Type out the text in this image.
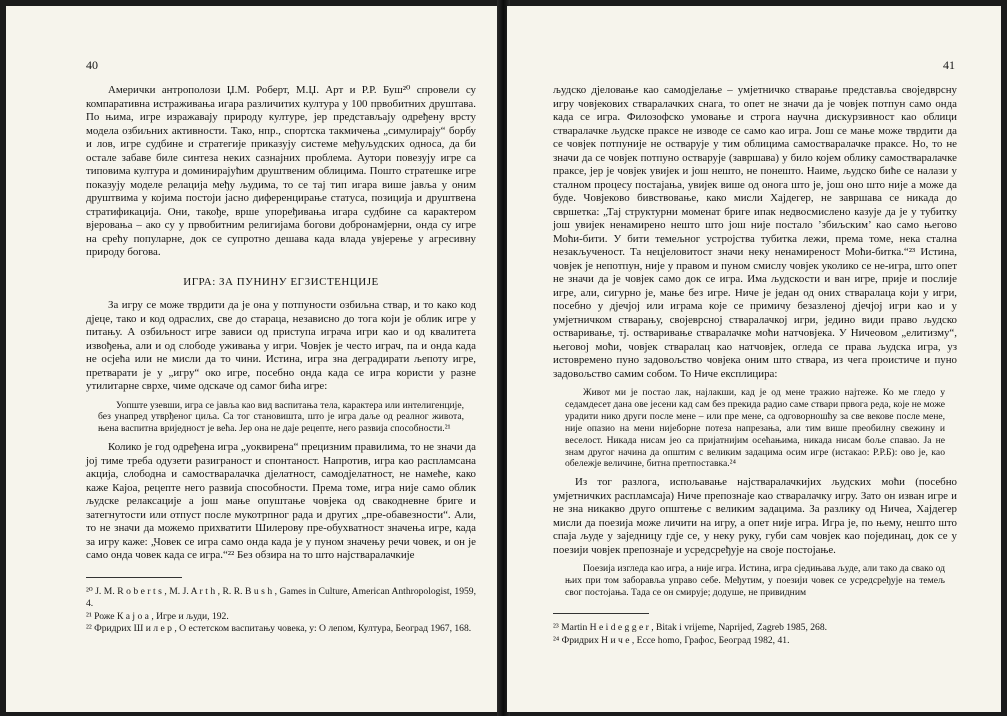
40

Амерички антрополози Џ.М. Роберт, М.Џ. Арт и Р.Р. Буш²⁰ спровели су компаративна истраживања игара различитих култура у 100 првобитних друштава. По њима, игре изражавају природу културе, јер представљају одређену врсту модела озбиљних активности. Тако, нпр., спортска такмичења „симулирају“ борбу и лов, игре судбине и стратегије приказују системе међуљудских односа, да би остале забаве биле синтеза неких сазнајних проблема. Аутори повезују игре са типовима култура и доминирајућим друштвеним облицима. Пошто стратешке игре показују моделе релација међу људима, то се тај тип игара више јавља у оним друштвима у којима постоји јасно диференцирање статуса, позиција и друштвена стратификација. Они, такође, врше упоређивања игара судбине са карактером вјеровања – ако су у првобитним религијама богови добронамјерни, онда су игре на срећу популарне, док се супротно дешава када влада увјерење у агресивну природу богова.

ИГРА: ЗА ПУНИНУ ЕГЗИСТЕНЦИЈЕ

За игру се може тврдити да је она у потпуности озбиљна ствар, и то како код дјеце, тако и код одраслих, све до стараца, независно до тога који је облик игре у питању. А озбиљност игре зависи од приступа играча игри као и од квалитета извођења, али и од слободе уживања у игри. Човјек је често играч, па и онда када не осјећа или не мисли да то чини. Истина, игра зна деградирати љепоту игре, претварати је у „игру“ око игре, посебно онда када се игра користи у разне утилитарне сврхе, чиме одскаче од самог бића игре:

Уопште узевши, игра се јавља као вид васпитања тела, карактера или интелигенције, без унапред утврђеног циља. Са тог становишта, што је игра даље од реалног живота, њена васпитна вриједност је већа. Јер она не даје рецепте, него развија способности.²¹

Колико је год одређена игра „уоквирена“ прецизним правилима, то не значи да јој тиме треба одузети разиграност и спонтаност. Напротив, игра као распламсана акција, слободна и самостваралачка дјелатност, самодјелатност, не намеће, како каже Кајоа, рецепте него развија способности. Према томе, игра није само облик људске релаксације а још мање опуштање човјека од свакодневне бриге и затегнутости или отпуст после мукотрпног рада и других „пре-обавезности“. Али, то не значи да можемо прихватити Шилерову пре-обухватност значења игре, када за игру каже: „Човек се игра само онда када је у пуном значењу речи човек, и он је само онда човек када се игра.“²² Без обзира на то што најстваралачкије

²⁰ J. M. R o b e r t s , M. J. A r t h , R. R. B u s h , Games in Culture, American Anthropologist, 1959, 4.

²¹ Роже К а ј о а , Игре и људи, 192.

²² Фридрих Ш и л е р , О естетском васпитању човека, у: О лепом, Култура, Београд 1967, 168.

41

људско дјеловање као самодјелање – умјетничко стварање представља своједврсну игру човјекових стваралачких снага, то опет не значи да је човјек потпун само онда када се игра. Филозофско умовање и строга научна дискурзивност као облици стваралачке људске праксе не изводе се само као игра. Још се мање може тврдити да се човјек потпуније не остварује у тим облицима самостваралачке праксе. Но, то не значи да се човјек потпуно остварује (завршава) у било којем облику самостваралачке праксе, јер је човјек увијек и још нешто, не понешто. Наиме, људско биће се налази у сталном процесу постајања, увијек више од онога што је, још оно што није а може да буде. Човјеково бивствовање, како мисли Хајдегер, не завршава се никада до свршетка: „Тај структурни моменат бриге ипак недвосмислено казује да је у тубитку још увијек ненамирено нешто што још није постало ’збиљским’ као само његово Моћи-бити. У бити темељног устројства тубитка лежи, према томе, нека стална незакљученост. Та нецјеловитост значи неку ненамиреност Моћи-битка.“²³ Истина, човјек је непотпун, није у правом и пуном смислу човјек уколико се не-игра, што опет не значи да је човјек само док се игра. Има људскости и ван игре, прије и послије игре, али, сигурно је, мање без игре. Ниче је један од оних стваралаца који у игри, посебно у дјечјој или играма које се примичу безазленој дјечјој игри као и у умјетничком стварању, својеврсној стваралачкој игри, једино види право људско остваривање, тј. остваривање стваралачке моћи натчовјека. У Ничеовом „елитизму“, његовој моћи, човјек стваралац као натчовјек, огледа се права људска игра, уз истовремено пуно задовољство човјека оним што ствара, из чега проистиче и пуно задовољство самим собом. То Ниче експлицира:

Живот ми је постао лак, најлакши, кад је од мене тражио најтеже. Ко ме гледо у седамдесет дана ове јесени кад сам без прекида радио саме ствари првога реда, које не може урадити нико други после мене – или пре мене, са одговорношћу за све векове после мене, није опазио на мени нијеборне потеза напрезања, али тим више преобилну свежину и веселост. Никада нисам јео са пријатнијим осећањима, никада нисам боље спавао. Ја не знам другог начина да општим с великим задацима осим игре (истакао: Р.Р.Б): ово је, као обележје величине, битна претпоставка.²⁴

Из тог разлога, испољавање најстваралачкијих људских моћи (посебно умјетничких распламсаја) Ниче препознаје као стваралачку игру. Зато он изван игре и не зна никакво друго општење с великим задацима. За разлику од Ничеа, Хајдегер мисли да поезија може личити на игру, а опет није игра. Игра је, по њему, нешто што спаја људе у заједницу гдје се, у неку руку, губи сам човјек као појединац, док се у поезији човјек препознаје и усредсређује на своје постојање.

Поезија изгледа као игра, а није игра. Истина, игра сједињава људе, али тако да свако од њих при том заборавља управо себе. Међутим, у поезији човек се усредсређује на темељ свог постојања. Тада се он смирује; додуше, не привидним

²³ Martin H e i d e g g e r , Bitak i vrijeme, Naprijed, Zagreb 1985, 268.

²⁴ Фридрих Н и ч е , Ecce homo, Графос, Београд 1982, 41.
